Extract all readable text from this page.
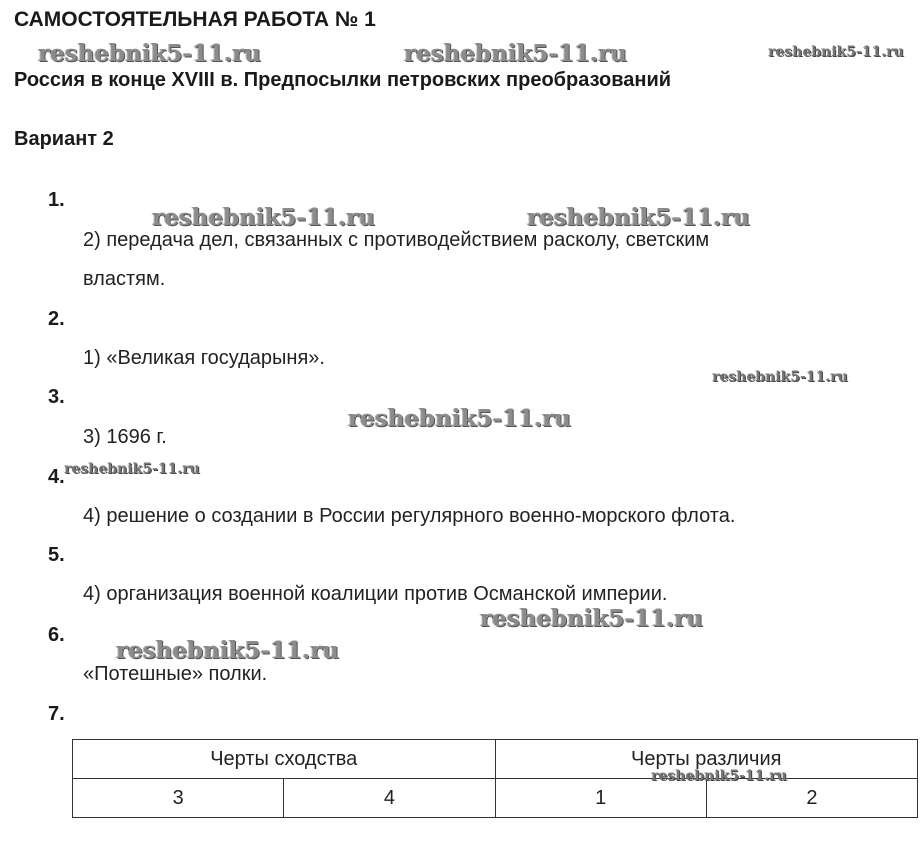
САМОСТОЯТЕЛЬНАЯ РАБОТА № 1
Россия в конце XVIII в. Предпосылки петровских преобразований
Вариант 2
1.
2) передача дел, связанных с противодействием расколу, светским
властям.
2.
1) «Великая государыня».
3.
3) 1696 г.
4.
4) решение о создании в России регулярного военно-морского флота.
5.
4) организация военной коалиции против Османской империи.
6.
«Потешные» полки.
7.
Черты сходства		Черты различия	
3	4	1	2
reshebnik5-11.ru	reshebnik5-11.ru	reshebnik5-11.ru
reshebnik5-11.ru	reshebnik5-11.ru
reshebnik5-11.ru
reshebnik5-11.ru
reshebnik5-11.ru
reshebnik5-11.ru
reshebnik5-11.ru
reshebnik5-11.ru
